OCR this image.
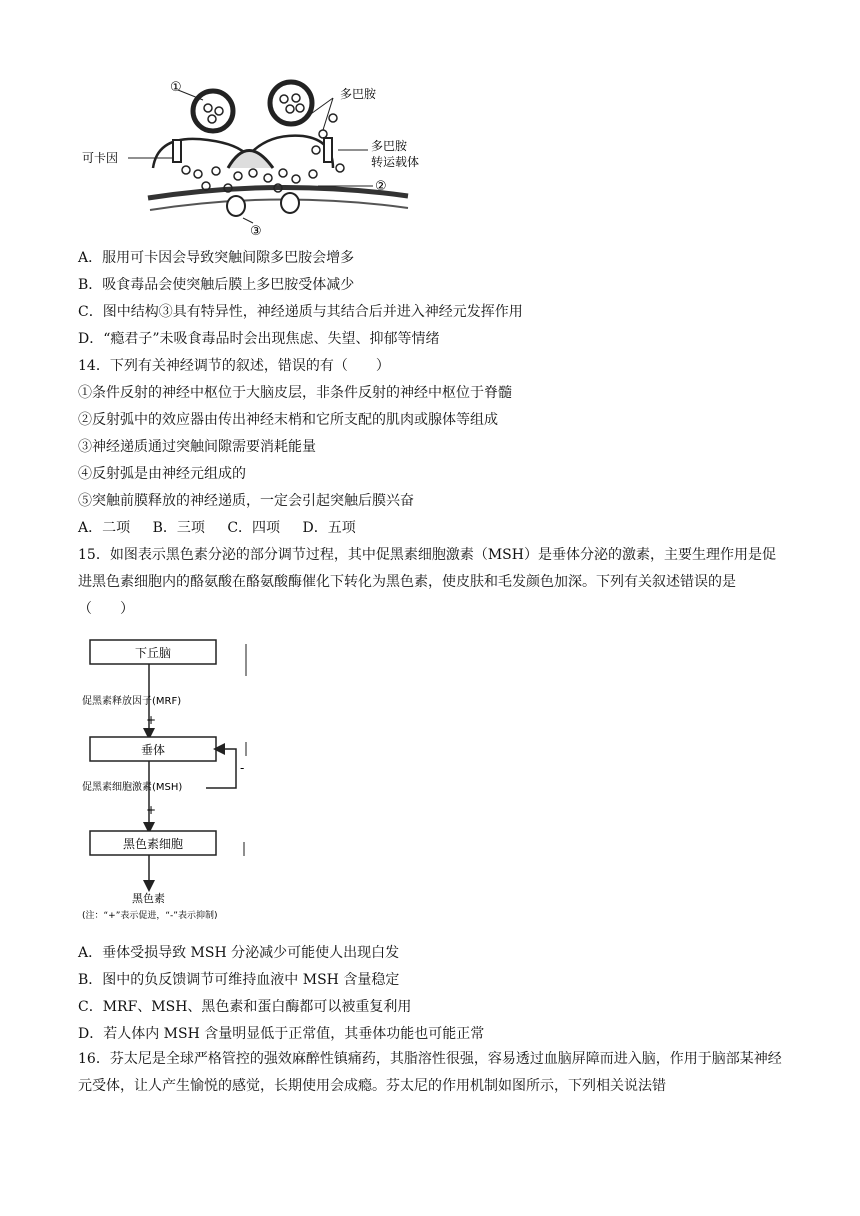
①	多巴胺
可卡因
多巴胺
转运载体
②
③
A．服用可卡因会导致突触间隙多巴胺会增多
B．吸食毒品会使突触后膜上多巴胺受体减少
C．图中结构③具有特异性，神经递质与其结合后并进入神经元发挥作用
D．“瘾君子”未吸食毒品时会出现焦虑、失望、抑郁等情绪
14．下列有关神经调节的叙述，错误的有（　　）
①条件反射的神经中枢位于大脑皮层，非条件反射的神经中枢位于脊髓
②反射弧中的效应器由传出神经末梢和它所支配的肌肉或腺体等组成
③神经递质通过突触间隙需要消耗能量
④反射弧是由神经元组成的
⑤突触前膜释放的神经递质，一定会引起突触后膜兴奋
A．二项 B．三项 C．四项 D．五项
15．如图表示黑色素分泌的部分调节过程，其中促黑素细胞激素（MSH）是垂体分泌的激素，主要生理作用是促进黑色素细胞内的酪氨酸在酪氨酸酶催化下转化为黑色素，使皮肤和毛发颜色加深。下列有关叙述错误的是（　　）
下丘脑
促黑素释放因子(MRF)
+
垂体
促黑素细胞激素(MSH)
+
-
黑色素细胞
黑色素
(注：“+”表示促进，“-”表示抑制)
A．垂体受损导致 MSH 分泌减少可能使人出现白发
B．图中的负反馈调节可维持血液中 MSH 含量稳定
C．MRF、MSH、黑色素和蛋白酶都可以被重复利用
D．若人体内 MSH 含量明显低于正常值，其垂体功能也可能正常
16．芬太尼是全球严格管控的强效麻醉性镇痛药，其脂溶性很强，容易透过血脑屏障而进入脑，作用于脑部某神经元受体，让人产生愉悦的感觉，长期使用会成瘾。芬太尼的作用机制如图所示，下列相关说法错
